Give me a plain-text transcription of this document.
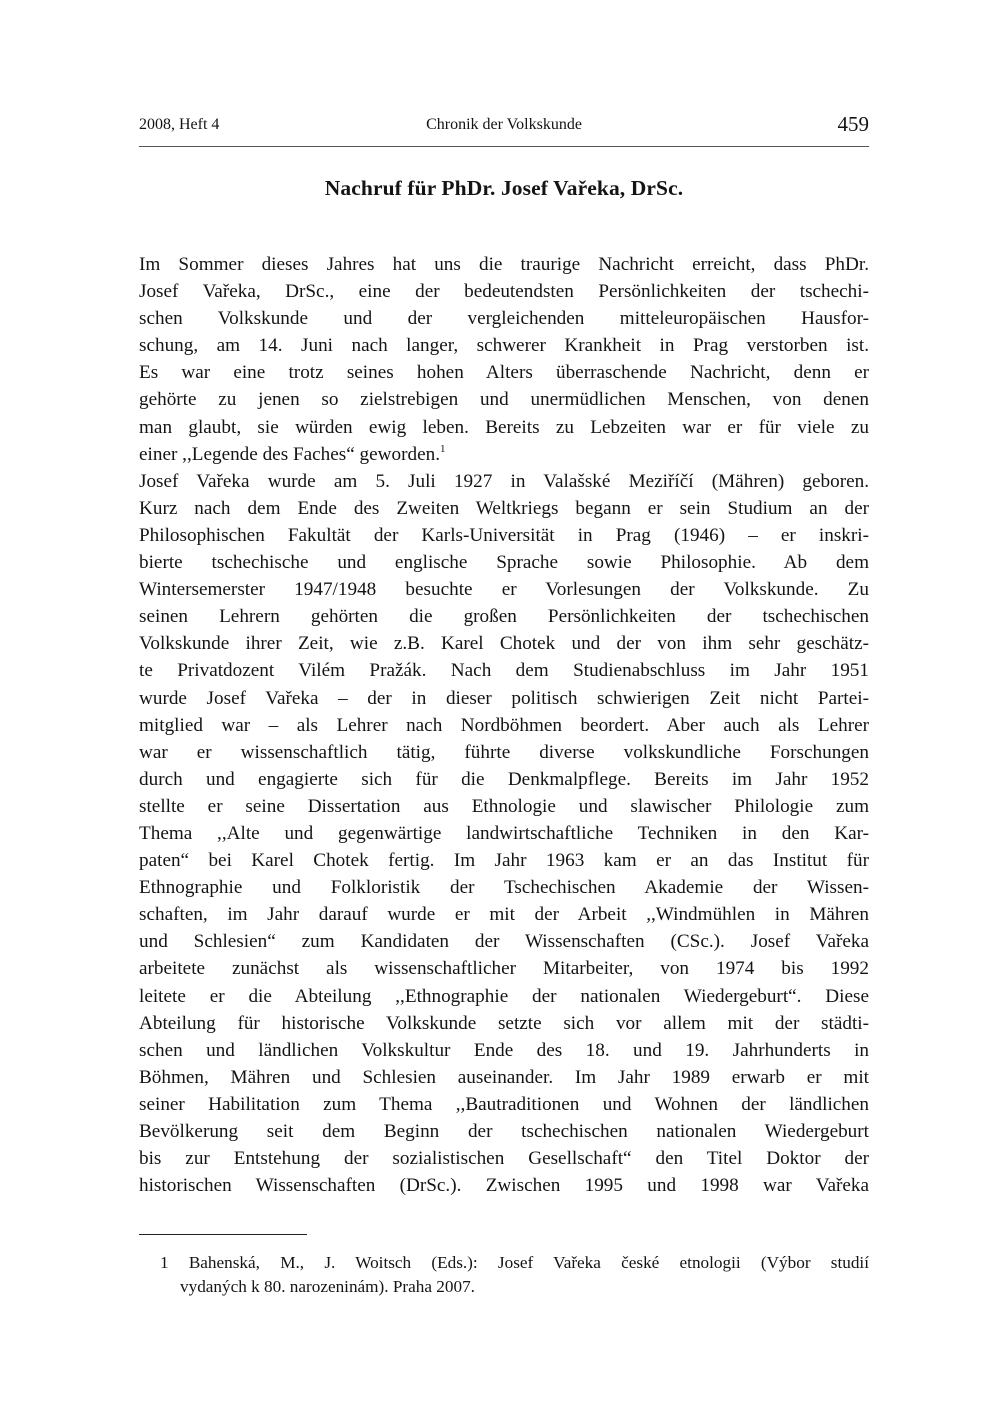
2008, Heft 4	Chronik der Volkskunde	459
Nachruf für PhDr. Josef Vařeka, DrSc.
Im Sommer dieses Jahres hat uns die traurige Nachricht erreicht, dass PhDr.
Josef Vařeka, DrSc., eine der bedeutendsten Persönlichkeiten der tschechi-
schen Volkskunde und der vergleichenden mitteleuropäischen Hausfor-
schung, am 14. Juni nach langer, schwerer Krankheit in Prag verstorben ist.
Es war eine trotz seines hohen Alters überraschende Nachricht, denn er
gehörte zu jenen so zielstrebigen und unermüdlichen Menschen, von denen
man glaubt, sie würden ewig leben. Bereits zu Lebzeiten war er für viele zu
einer ,,Legende des Faches“ geworden.$^1$
Josef Vařeka wurde am 5. Juli 1927 in Valašské Meziříčí (Mähren) geboren.
Kurz nach dem Ende des Zweiten Weltkriegs begann er sein Studium an der
Philosophischen Fakultät der Karls-Universität in Prag (1946) – er inskri-
bierte tschechische und englische Sprache sowie Philosophie. Ab dem
Wintersemerster 1947/1948 besuchte er Vorlesungen der Volkskunde. Zu
seinen Lehrern gehörten die großen Persönlichkeiten der tschechischen
Volkskunde ihrer Zeit, wie z.B. Karel Chotek und der von ihm sehr geschätz-
te Privatdozent Vilém Pražák. Nach dem Studienabschluss im Jahr 1951
wurde Josef Vařeka – der in dieser politisch schwierigen Zeit nicht Partei-
mitglied war – als Lehrer nach Nordböhmen beordert. Aber auch als Lehrer
war er wissenschaftlich tätig, führte diverse volkskundliche Forschungen
durch und engagierte sich für die Denkmalpflege. Bereits im Jahr 1952
stellte er seine Dissertation aus Ethnologie und slawischer Philologie zum
Thema ,,Alte und gegenwärtige landwirtschaftliche Techniken in den Kar-
paten“ bei Karel Chotek fertig. Im Jahr 1963 kam er an das Institut für
Ethnographie und Folkloristik der Tschechischen Akademie der Wissen-
schaften, im Jahr darauf wurde er mit der Arbeit ,,Windmühlen in Mähren
und Schlesien“ zum Kandidaten der Wissenschaften (CSc.). Josef Vařeka
arbeitete zunächst als wissenschaftlicher Mitarbeiter, von 1974 bis 1992
leitete er die Abteilung ,,Ethnographie der nationalen Wiedergeburt“. Diese
Abteilung für historische Volkskunde setzte sich vor allem mit der städti-
schen und ländlichen Volkskultur Ende des 18. und 19. Jahrhunderts in
Böhmen, Mähren und Schlesien auseinander. Im Jahr 1989 erwarb er mit
seiner Habilitation zum Thema ,,Bautraditionen und Wohnen der ländlichen
Bevölkerung seit dem Beginn der tschechischen nationalen Wiedergeburt
bis zur Entstehung der sozialistischen Gesellschaft“ den Titel Doktor der
historischen Wissenschaften (DrSc.). Zwischen 1995 und 1998 war Vařeka
1 Bahenská, M., J. Woitsch (Eds.): Josef Vařeka české etnologii (Výbor studií
vydaných k 80. narozeninám). Praha 2007.
